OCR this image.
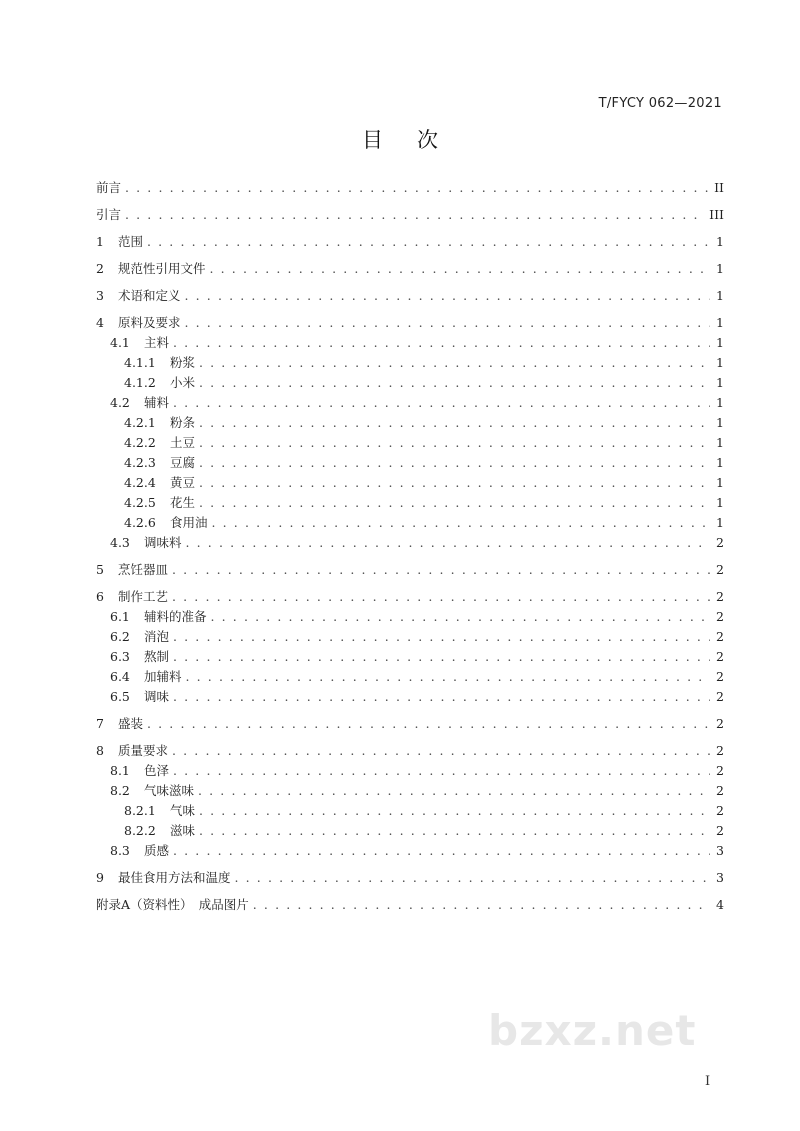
T/FYCY 062—2021
目次
前言 . . .	II
引言 . . .	III
1 范围 . . .	1
2 规范性引用文件 . . .	1
3 术语和定义 . . .	1
4 原料及要求 . . .	1
4.1 主料 . . .	1
4.1.1 粉浆 . . .	1
4.1.2 小米 . . .	1
4.2 辅料 . . .	1
4.2.1 粉条 . . .	1
4.2.2 土豆 . . .	1
4.2.3 豆腐 . . .	1
4.2.4 黄豆 . . .	1
4.2.5 花生 . . .	1
4.2.6 食用油 . . .	1
4.3 调味料 . . .	2
5 烹饪器皿 . . .	2
6 制作工艺 . . .	2
6.1 辅料的准备 . . .	2
6.2 消泡 . . .	2
6.3 熬制 . . .	2
6.4 加辅料 . . .	2
6.5 调味 . . .	2
7 盛装 . . .	2
8 质量要求 . . .	2
8.1 色泽 . . .	2
8.2 气味滋味 . . .	2
8.2.1 气味 . . .	2
8.2.2 滋味 . . .	2
8.3 质感 . . .	3
9 最佳食用方法和温度 . . .	3
附录A（资料性）　成品图片 . . .	4
bzxz.net
I
